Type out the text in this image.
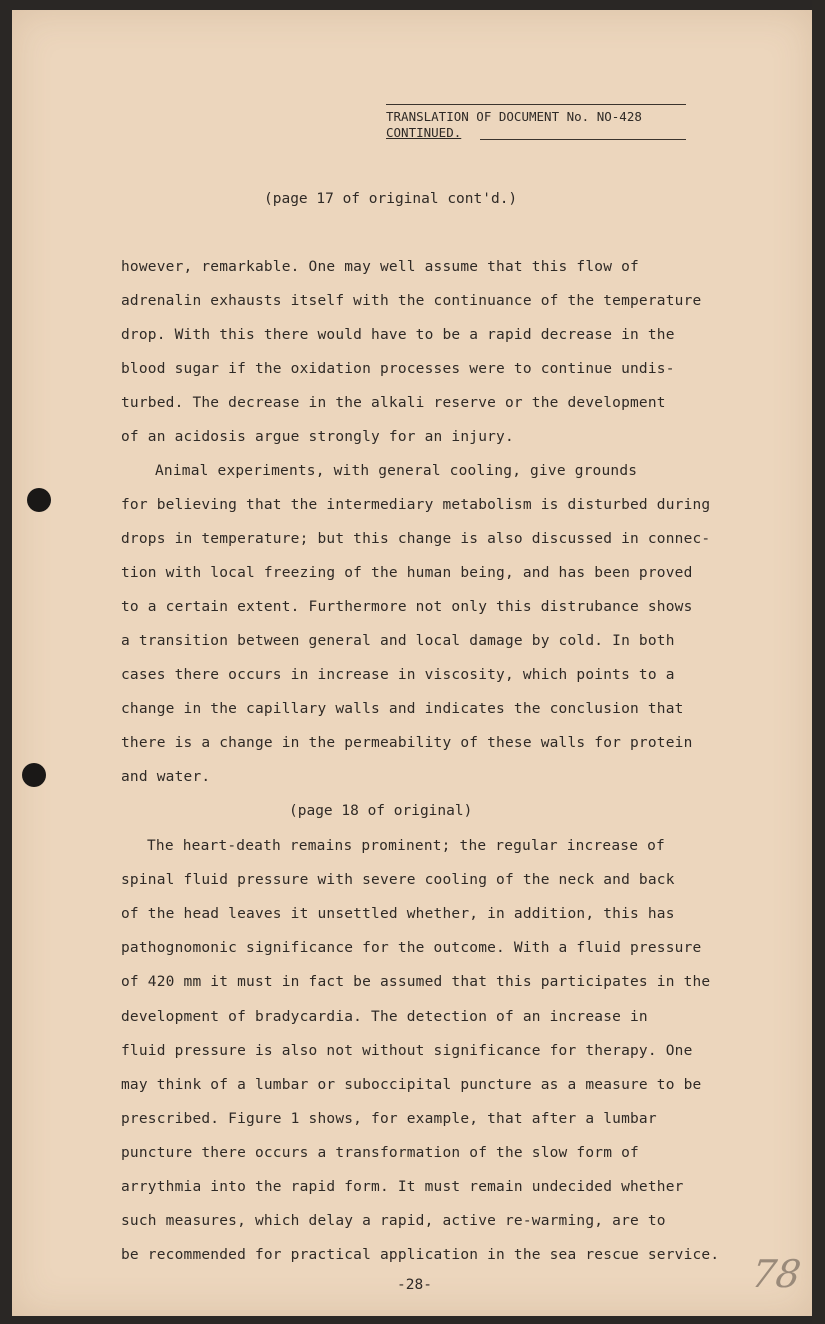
TRANSLATION OF DOCUMENT No. NO-428
CONTINUED.
(page 17 of original cont'd.)
however, remarkable. One may well assume that this flow of
adrenalin exhausts itself with the continuance of the temperature
drop. With this there would have to be a rapid decrease in the
blood sugar if the oxidation processes were to continue undis-
turbed. The decrease in the alkali reserve or the development
of an acidosis argue strongly for an injury.
Animal experiments, with general cooling, give grounds
for believing that the intermediary metabolism is disturbed during
drops in temperature; but this change is also discussed in connec-
tion with local freezing of the human being, and has been proved
to a certain extent. Furthermore not only this distrubance shows
a transition between general and local damage by cold. In both
cases there occurs in increase in viscosity, which points to a
change in the capillary walls and indicates the conclusion that
there is a change in the permeability of these walls for protein
and water.
(page 18 of original)
The heart-death remains prominent; the regular increase of
spinal fluid pressure with severe cooling of the neck and back
of the head leaves it unsettled whether, in addition, this has
pathognomonic significance for the outcome. With a fluid pressure
of 420 mm it must in fact be assumed that this participates in the
development of bradycardia. The detection of an increase in
fluid pressure is also not without significance for therapy. One
may think of a lumbar or suboccipital puncture as a measure to be
prescribed. Figure 1 shows, for example, that after a lumbar
puncture there occurs a transformation of the slow form of
arrythmia into the rapid form. It must remain undecided whether
such measures, which delay a rapid, active re-warming, are to
be recommended for practical application in the sea rescue service.
-28-	78
